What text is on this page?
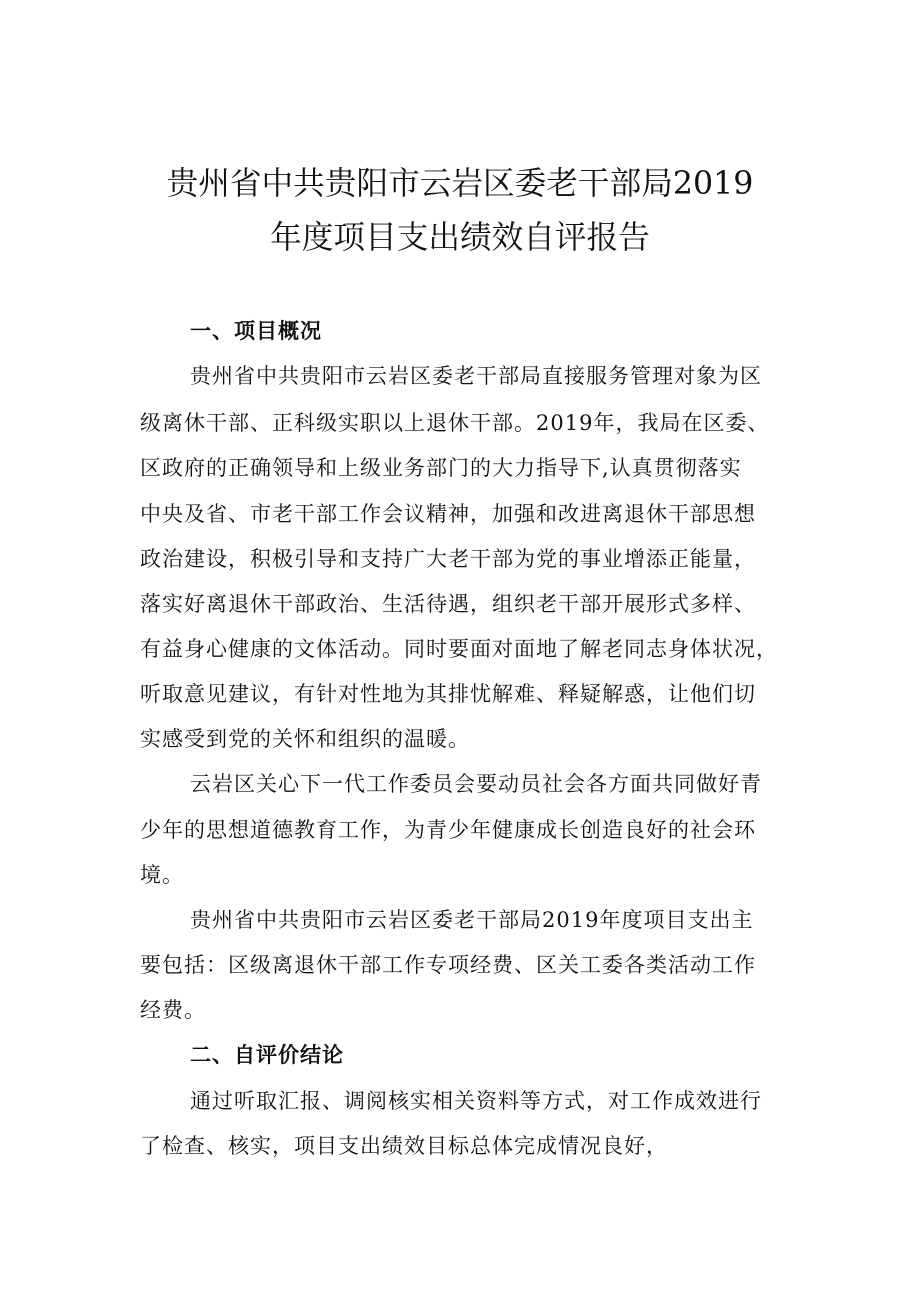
贵州省中共贵阳市云岩区委老干部局2019
年度项目支出绩效自评报告
一、项目概况
贵州省中共贵阳市云岩区委老干部局直接服务管理对象为区
级离休干部、正科级实职以上退休干部。2019年，我局在区委、
区政府的正确领导和上级业务部门的大力指导下,认真贯彻落实
中央及省、市老干部工作会议精神，加强和改进离退休干部思想
政治建设，积极引导和支持广大老干部为党的事业增添正能量，
落实好离退休干部政治、生活待遇，组织老干部开展形式多样、
有益身心健康的文体活动。同时要面对面地了解老同志身体状况，
听取意见建议，有针对性地为其排忧解难、释疑解惑，让他们切
实感受到党的关怀和组织的温暖。
云岩区关心下一代工作委员会要动员社会各方面共同做好青
少年的思想道德教育工作，为青少年健康成长创造良好的社会环
境。
贵州省中共贵阳市云岩区委老干部局2019年度项目支出主
要包括：区级离退休干部工作专项经费、区关工委各类活动工作
经费。
二、自评价结论
通过听取汇报、调阅核实相关资料等方式，对工作成效进行
了检查、核实，项目支出绩效目标总体完成情况良好，
